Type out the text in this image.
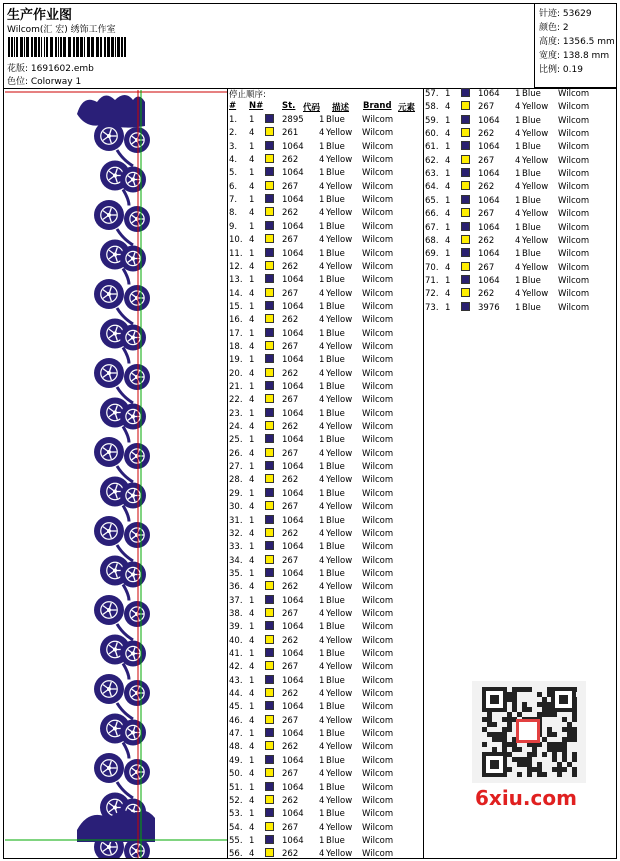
生产作业图
Wilcom(汇 宏) 绣饰工作室
花版: 1691602.emb
色位: Colorway 1
针迹: 53629
颜色: 2
高度: 1356.5 mm
宽度: 138.8 mm
比例: 0.19
停止顺序:
# N# St. 代码 描述 Brand 元素
1. 1	2895 1 Blue Wilcom
2. 4	261 4 Yellow Wilcom
3. 1	1064 1 Blue Wilcom
4. 4	262 4 Yellow Wilcom
5. 1	1064 1 Blue Wilcom
6. 4	267 4 Yellow Wilcom
7. 1	1064 1 Blue Wilcom
8. 4	262 4 Yellow Wilcom
9. 1	1064 1 Blue Wilcom
10. 4	267 4 Yellow Wilcom
11. 1	1064 1 Blue Wilcom
12. 4	262 4 Yellow Wilcom
13. 1	1064 1 Blue Wilcom
14. 4	267 4 Yellow Wilcom
15. 1	1064 1 Blue Wilcom
16. 4	262 4 Yellow Wilcom
17. 1	1064 1 Blue Wilcom
18. 4	267 4 Yellow Wilcom
19. 1	1064 1 Blue Wilcom
20. 4	262 4 Yellow Wilcom
21. 1	1064 1 Blue Wilcom
22. 4	267 4 Yellow Wilcom
23. 1	1064 1 Blue Wilcom
24. 4	262 4 Yellow Wilcom
25. 1	1064 1 Blue Wilcom
26. 4	267 4 Yellow Wilcom
27. 1	1064 1 Blue Wilcom
28. 4	262 4 Yellow Wilcom
29. 1	1064 1 Blue Wilcom
30. 4	267 4 Yellow Wilcom
31. 1	1064 1 Blue Wilcom
32. 4	262 4 Yellow Wilcom
33. 1	1064 1 Blue Wilcom
34. 4	267 4 Yellow Wilcom
35. 1	1064 1 Blue Wilcom
36. 4	262 4 Yellow Wilcom
37. 1	1064 1 Blue Wilcom
38. 4	267 4 Yellow Wilcom
39. 1	1064 1 Blue Wilcom
40. 4	262 4 Yellow Wilcom
41. 1	1064 1 Blue Wilcom
42. 4	267 4 Yellow Wilcom
43. 1	1064 1 Blue Wilcom
44. 4	262 4 Yellow Wilcom
45. 1	1064 1 Blue Wilcom
46. 4	267 4 Yellow Wilcom
47. 1	1064 1 Blue Wilcom
48. 4	262 4 Yellow Wilcom
49. 1	1064 1 Blue Wilcom
50. 4	267 4 Yellow Wilcom
51. 1	1064 1 Blue Wilcom
52. 4	262 4 Yellow Wilcom
53. 1	1064 1 Blue Wilcom
54. 4	267 4 Yellow Wilcom
55. 1	1064 1 Blue Wilcom
56. 4	262 4 Yellow Wilcom
57. 1	1064 1 Blue Wilcom
58. 4	267 4 Yellow Wilcom
59. 1	1064 1 Blue Wilcom
60. 4	262 4 Yellow Wilcom
61. 1	1064 1 Blue Wilcom
62. 4	267 4 Yellow Wilcom
63. 1	1064 1 Blue Wilcom
64. 4	262 4 Yellow Wilcom
65. 1	1064 1 Blue Wilcom
66. 4	267 4 Yellow Wilcom
67. 1	1064 1 Blue Wilcom
68. 4	262 4 Yellow Wilcom
69. 1	1064 1 Blue Wilcom
70. 4	267 4 Yellow Wilcom
71. 1	1064 1 Blue Wilcom
72. 4	262 4 Yellow Wilcom
73. 1	3976 1 Blue Wilcom
6xiu.com
